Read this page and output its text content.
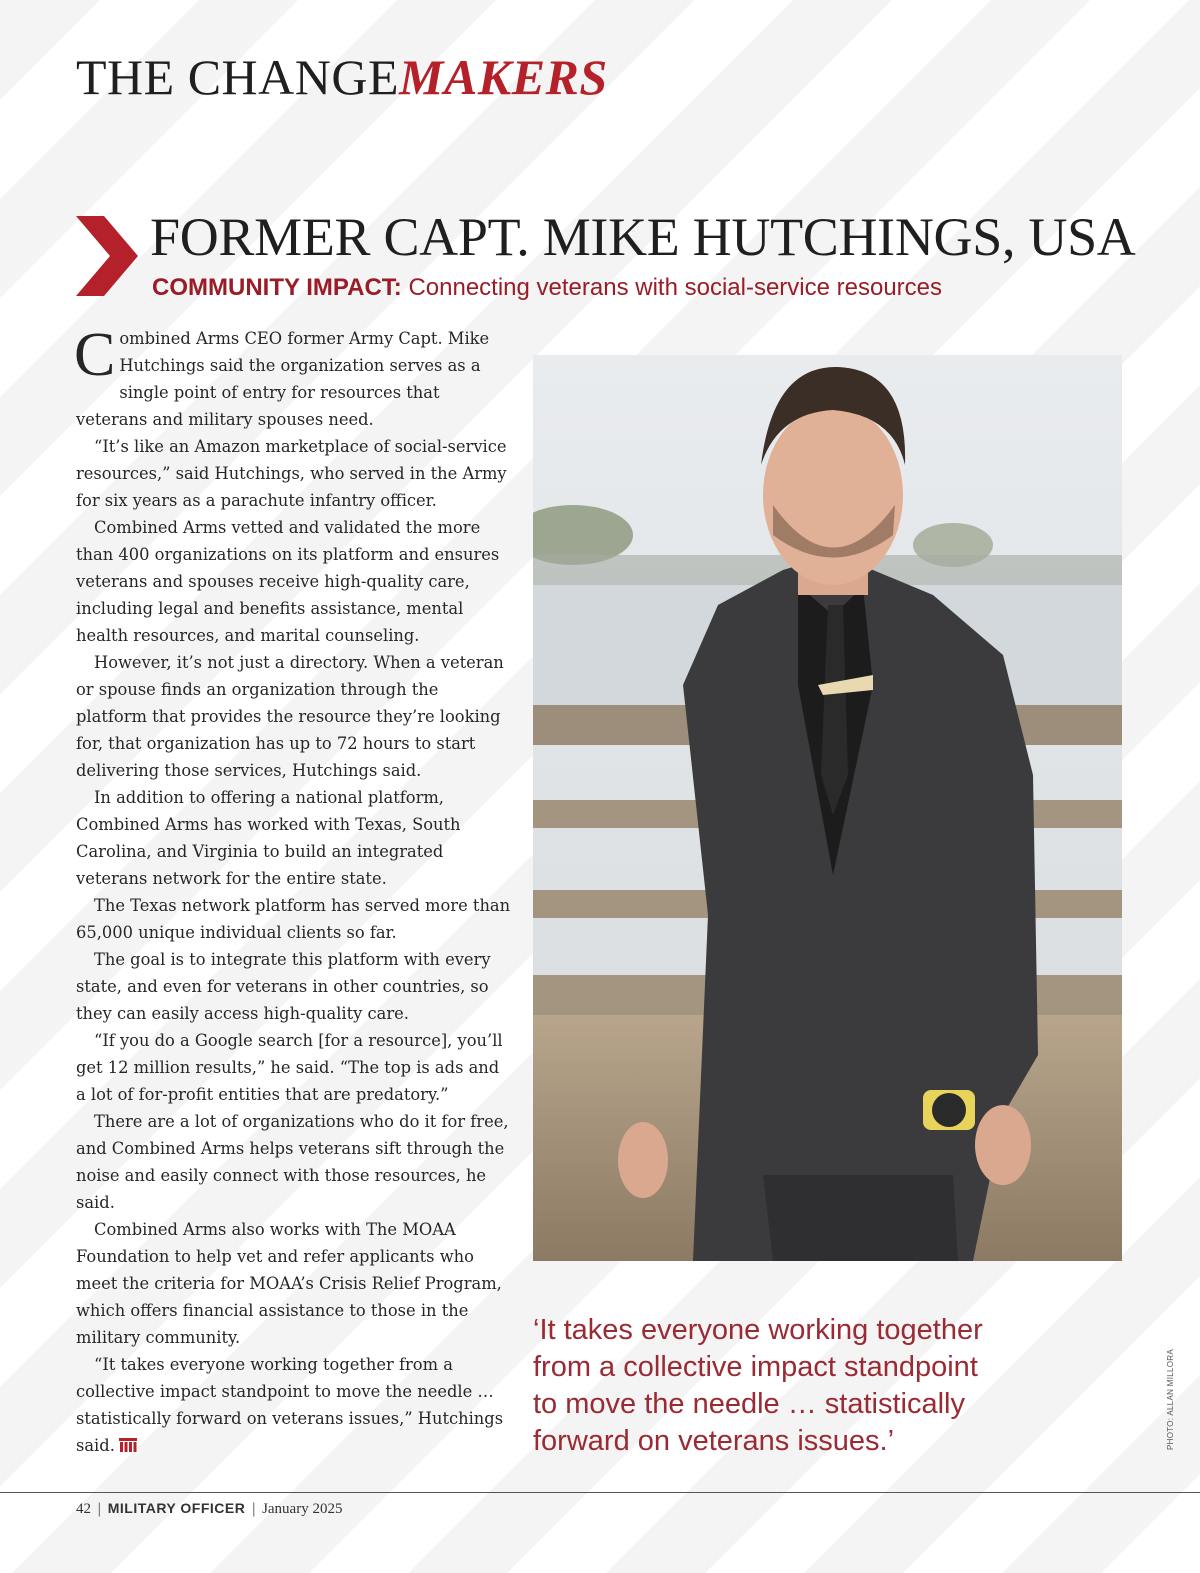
THE CHANGEMAKERS
FORMER CAPT. MIKE HUTCHINGS, USA
COMMUNITY IMPACT: Connecting veterans with social-service resources

Combined Arms CEO former Army Capt. Mike Hutchings said the organization serves as a single point of entry for resources that veterans and military spouses need.

“It’s like an Amazon marketplace of social-service resources,” said Hutchings, who served in the Army for six years as a parachute infantry officer.

Combined Arms vetted and validated the more than 400 organizations on its platform and ensures veterans and spouses receive high-quality care, including legal and benefits assistance, mental health resources, and marital counseling.

However, it’s not just a directory. When a veteran or spouse finds an organization through the platform that provides the resource they’re looking for, that organization has up to 72 hours to start delivering those services, Hutchings said.

In addition to offering a national platform, Combined Arms has worked with Texas, South Carolina, and Virginia to build an integrated veterans network for the entire state.

The Texas network platform has served more than 65,000 unique individual clients so far.

The goal is to integrate this platform with every state, and even for veterans in other countries, so they can easily access high-quality care.

“If you do a Google search [for a resource], you’ll get 12 million results,” he said. “The top is ads and a lot of for-profit entities that are predatory.”

There are a lot of organizations who do it for free, and Combined Arms helps veterans sift through the noise and easily connect with those resources, he said.

Combined Arms also works with The MOAA Foundation to help vet and refer applicants who meet the criteria for MOAA’s Crisis Relief Program, which offers financial assistance to those in the military community.

“It takes everyone working together from a collective impact standpoint to move the needle … statistically forward on veterans issues,” Hutchings said.

‘It takes everyone working together
from a collective impact standpoint
to move the needle … statistically
forward on veterans issues.’	PHOTO: ALLAN MILLORA
42 | MILITARY OFFICER | January 2025
